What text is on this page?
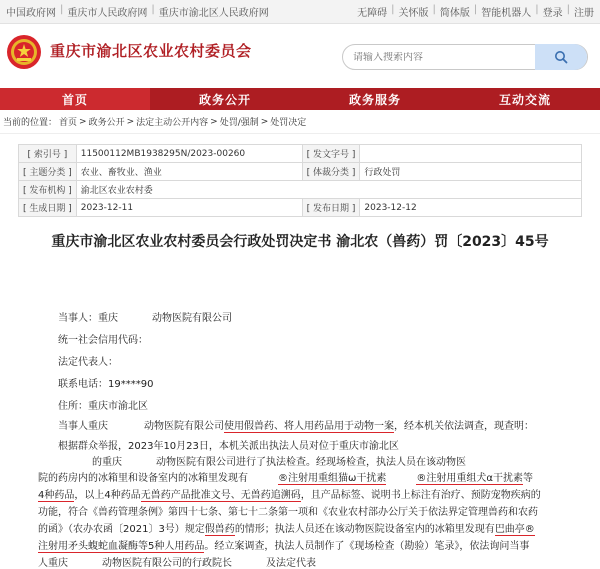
中国政府网 | 重庆市人民政府网 | 重庆市渝北区人民政府网	无障碍 | 关怀版 | 简体版 | 智能机器人 | 登录 | 注册
重庆市渝北区农业农村委员会
请输入搜索内容
首页	政务公开	政务服务	互动交流
当前的位置： 首页 > 政务公开 > 法定主动公开内容 > 处罚/强制 > 处罚决定
[ 索引号 ]	11500112MB1938295N/2023-00260	[ 发文字号 ]	
[ 主题分类 ]	农业、畜牧业、渔业	[ 体裁分类 ]	行政处罚
[ 发布机构 ]	渝北区农业农村委		
[ 生成日期 ]	2023-12-11	[ 发布日期 ]	2023-12-12
重庆市渝北区农业农村委员会行政处罚决定书 渝北农（兽药）罚〔2023〕45号
当事人：重庆	动物医院有限公司
统一社会信用代码：
法定代表人：
联系电话：19****90
住所：重庆市渝北区
当事人重庆	动物医院有限公司使用假兽药、将人用药品用于动物一案，经本机关依法调查，现查明：
根据群众举报，2023年10月23日，本机关派出执法人员对位于重庆市渝北区
的重庆	动物医院有限公司进行了执法检查。经现场检查，执法人员在该动物医
院的药房内的冰箱里和设备室内的冰箱里发现有	®注射用重组猫ω干扰素	®注射用重组犬α干扰素等
4种药品，以上4种药品无兽药产品批准文号、无兽药追溯码，且产品标签、说明书上标注有治疗、预防宠物疾病的
功能，符合《兽药管理条例》第四十七条、第七十二条第一项和《农业农村部办公厅关于依法界定管理兽药和农药
的函》（农办农函〔2021〕3号）规定假兽药的情形；执法人员还在该动物医院设备室内的冰箱里发现有巴曲亭®
注射用矛头蝮蛇血凝酶等5种人用药品。经立案调查，执法人员制作了《现场检查（勘验）笔录》，依法询问当事
人重庆	动物医院有限公司的行政院长	及法定代表
